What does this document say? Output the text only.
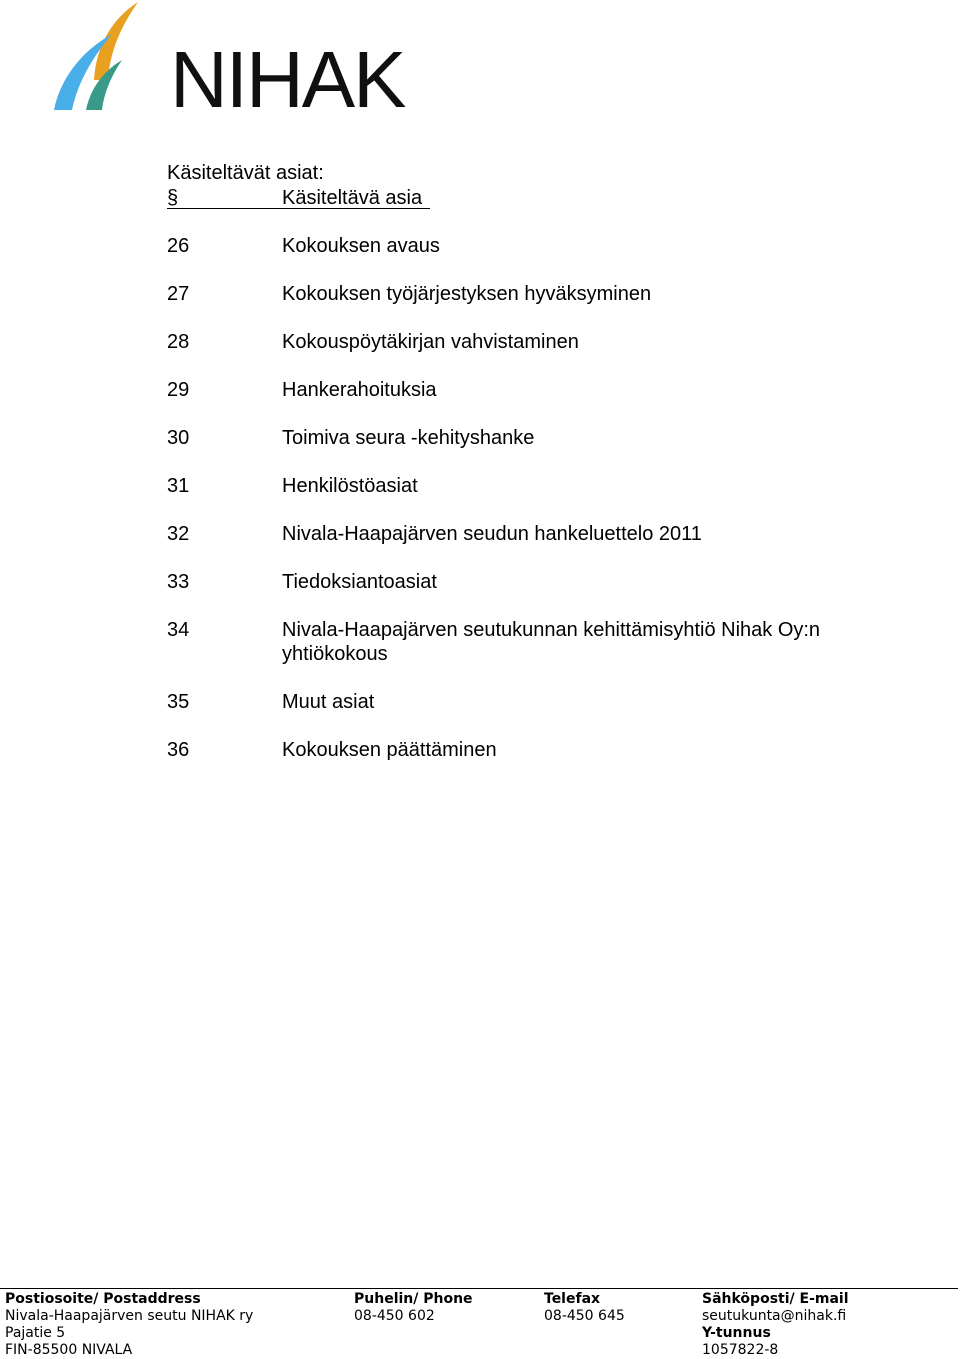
NIHAK
Käsiteltävät asiat:
§	Käsiteltävä asia
26	Kokouksen avaus
27	Kokouksen työjärjestyksen hyväksyminen
28	Kokouspöytäkirjan vahvistaminen
29	Hankerahoituksia
30	Toimiva seura -kehityshanke
31	Henkilöstöasiat
32	Nivala-Haapajärven seudun hankeluettelo 2011
33	Tiedoksiantoasiat
34	Nivala-Haapajärven seutukunnan kehittämisyhtiö Nihak Oy:n yhtiökokous
35	Muut asiat
36	Kokouksen päättäminen
Postiosoite/ Postaddress
Nivala-Haapajärven seutu NIHAK ry
Pajatie 5
FIN-85500 NIVALA
Puhelin/ Phone
08-450 602
Telefax
08-450 645
Sähköposti/ E-mail
seutukunta@nihak.fi
Y-tunnus
1057822-8
